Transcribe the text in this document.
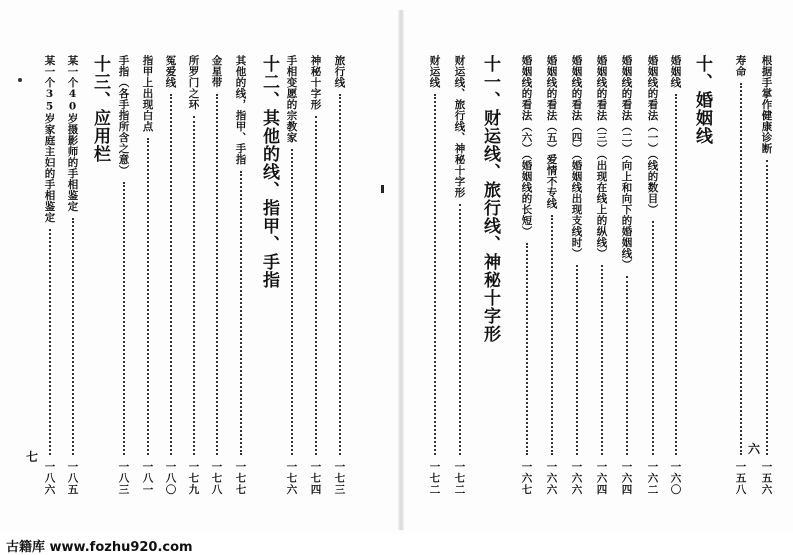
根据手掌作健康诊断
一五六
寿命
一五八
十、婚姻线
婚姻线
一六〇
婚姻线的看法（一）（线的数目）
一六二
婚姻线的看法（二）（向上和向下的婚姻线）
一六四
婚姻线的看法（三）（出现在线上的纵线）
一六四
婚姻线的看法（四）（婚姻线出现支线时）
一六六
婚姻线的看法（五）爱情不专线
一六六
婚姻线的看法（六）（婚姻线的长短）
一六七
十一、财运线、旅行线、神秘十字形
财运线、旅行线、神秘十字形
一七二
财运线
一七二
六
旅行线
一七三
神秘十字形
一七四
手相变愿的宗教家
一七六
十二、其他的线、指甲、手指
其他的线，指甲、手指
一七七
金星带
一七八
所罗门之环
一七九
冤爱线
一八〇
指甲上出现白点
一八一
手指（各手指所含之意）
一八三
十三、应用栏
某一个40岁摄影师的手相鉴定
一八五
某一个35岁家庭主妇的手相鉴定
一八六
七
古籍库 www.fozhu920.com
